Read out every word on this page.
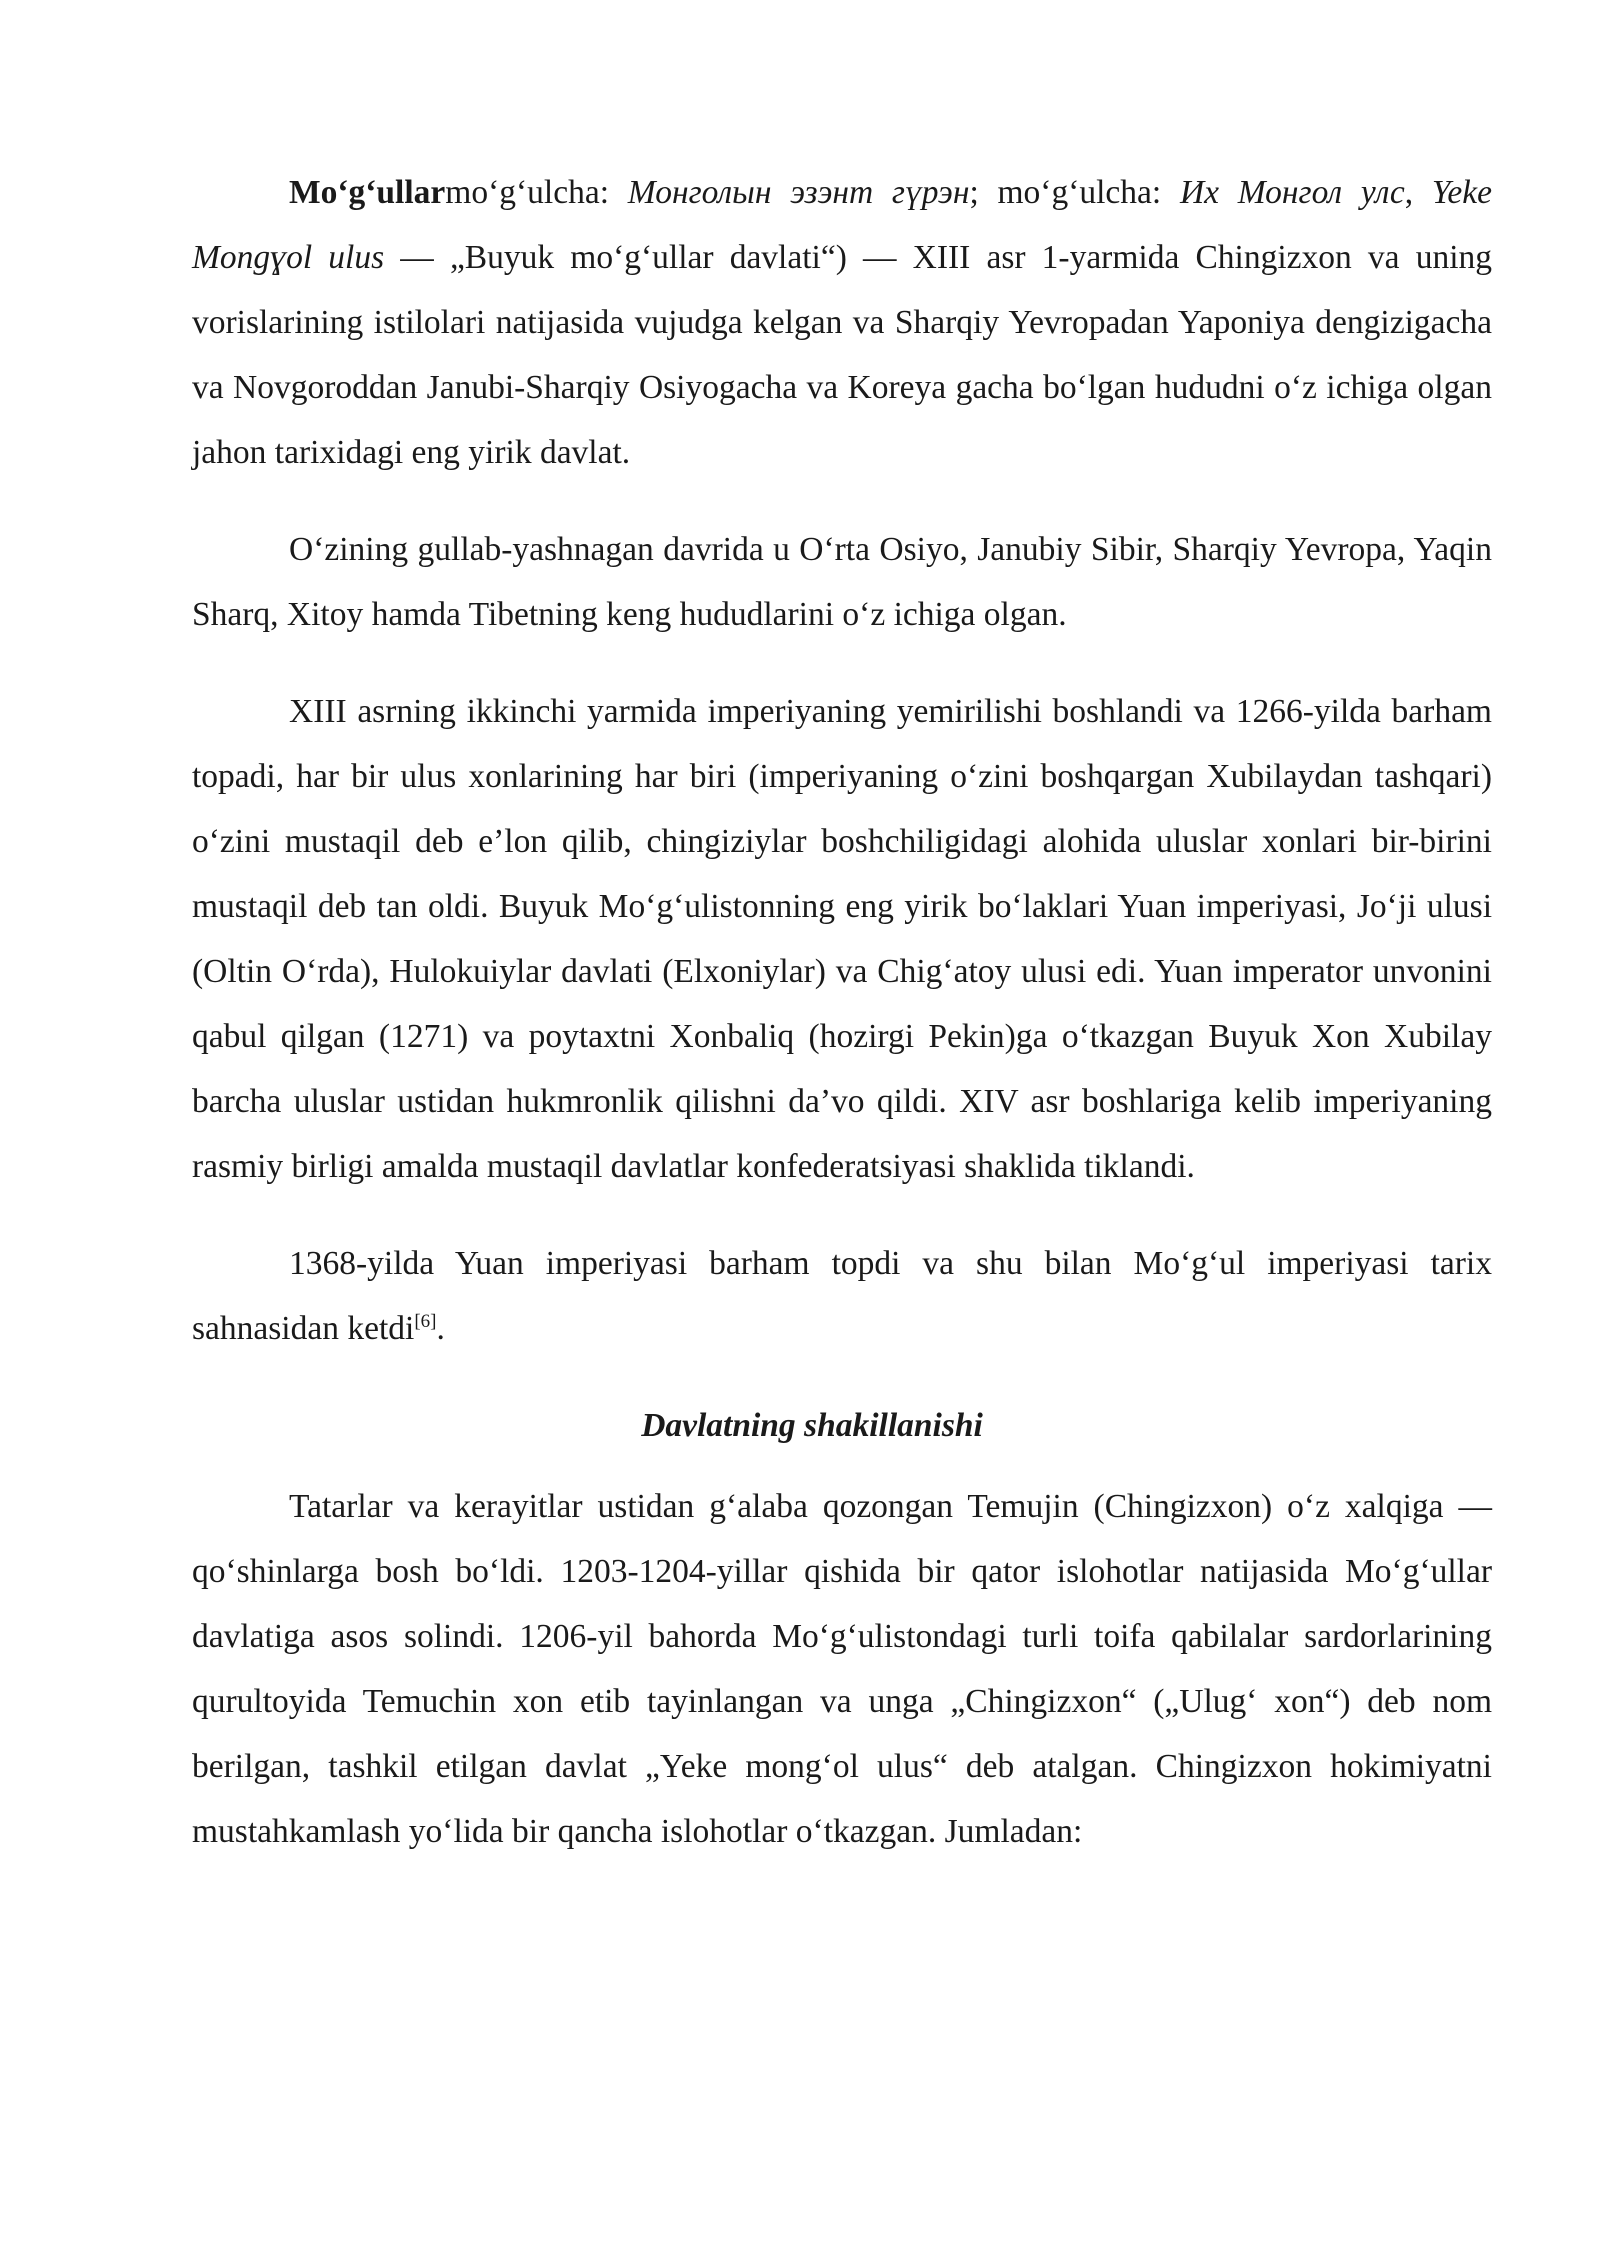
Mo‘g‘ullarmo‘g‘ulcha: Монголын эзэнт гүрэн; mo‘g‘ulcha: Их Монгол улс, Yeke Mongɣol ulus — „Buyuk mo‘g‘ullar davlati“) — XIII asr 1-yarmida Chingizxon va uning vorislarining istilolari natijasida vujudga kelgan va Sharqiy Yevropadan Yaponiya dengizigacha va Novgoroddan Janubi-Sharqiy Osiyogacha va Koreya gacha bo‘lgan hududni o‘z ichiga olgan jahon tarixidagi eng yirik davlat.

O‘zining gullab-yashnagan davrida u O‘rta Osiyo, Janubiy Sibir, Sharqiy Yevropa, Yaqin Sharq, Xitoy hamda Tibetning keng hududlarini o‘z ichiga olgan.

XIII asrning ikkinchi yarmida imperiyaning yemirilishi boshlandi va 1266-yilda barham topadi, har bir ulus xonlarining har biri (imperiyaning o‘zini boshqargan Xubilaydan tashqari) o‘zini mustaqil deb e’lon qilib, chingiziylar boshchiligidagi alohida uluslar xonlari bir-birini mustaqil deb tan oldi. Buyuk Mo‘g‘ulistonning eng yirik bo‘laklari Yuan imperiyasi, Jo‘ji ulusi (Oltin O‘rda), Hulokuiylar davlati (Elxoniylar) va Chig‘atoy ulusi edi. Yuan imperator unvonini qabul qilgan (1271) va poytaxtni Xonbaliq (hozirgi Pekin)ga o‘tkazgan Buyuk Xon Xubilay barcha uluslar ustidan hukmronlik qilishni da’vo qildi. XIV asr boshlariga kelib imperiyaning rasmiy birligi amalda mustaqil davlatlar konfederatsiyasi shaklida tiklandi.

1368-yilda Yuan imperiyasi barham topdi va shu bilan Mo‘g‘ul imperiyasi tarix sahnasidan ketdi[6].

Davlatning shakillanishi

Tatarlar va kerayitlar ustidan g‘alaba qozongan Temujin (Chingizxon) o‘z xalqiga — qo‘shinlarga bosh bo‘ldi. 1203-1204-yillar qishida bir qator islohotlar natijasida Mo‘g‘ullar davlatiga asos solindi. 1206-yil bahorda Mo‘g‘ulistondagi turli toifa qabilalar sardorlarining qurultoyida Temuchin xon etib tayinlangan va unga „Chingizxon“ („Ulug‘ xon“) deb nom berilgan, tashkil etilgan davlat „Yeke mong‘ol ulus“ deb atalgan. Chingizxon hokimiyatni mustahkamlash yo‘lida bir qancha islohotlar o‘tkazgan. Jumladan:
